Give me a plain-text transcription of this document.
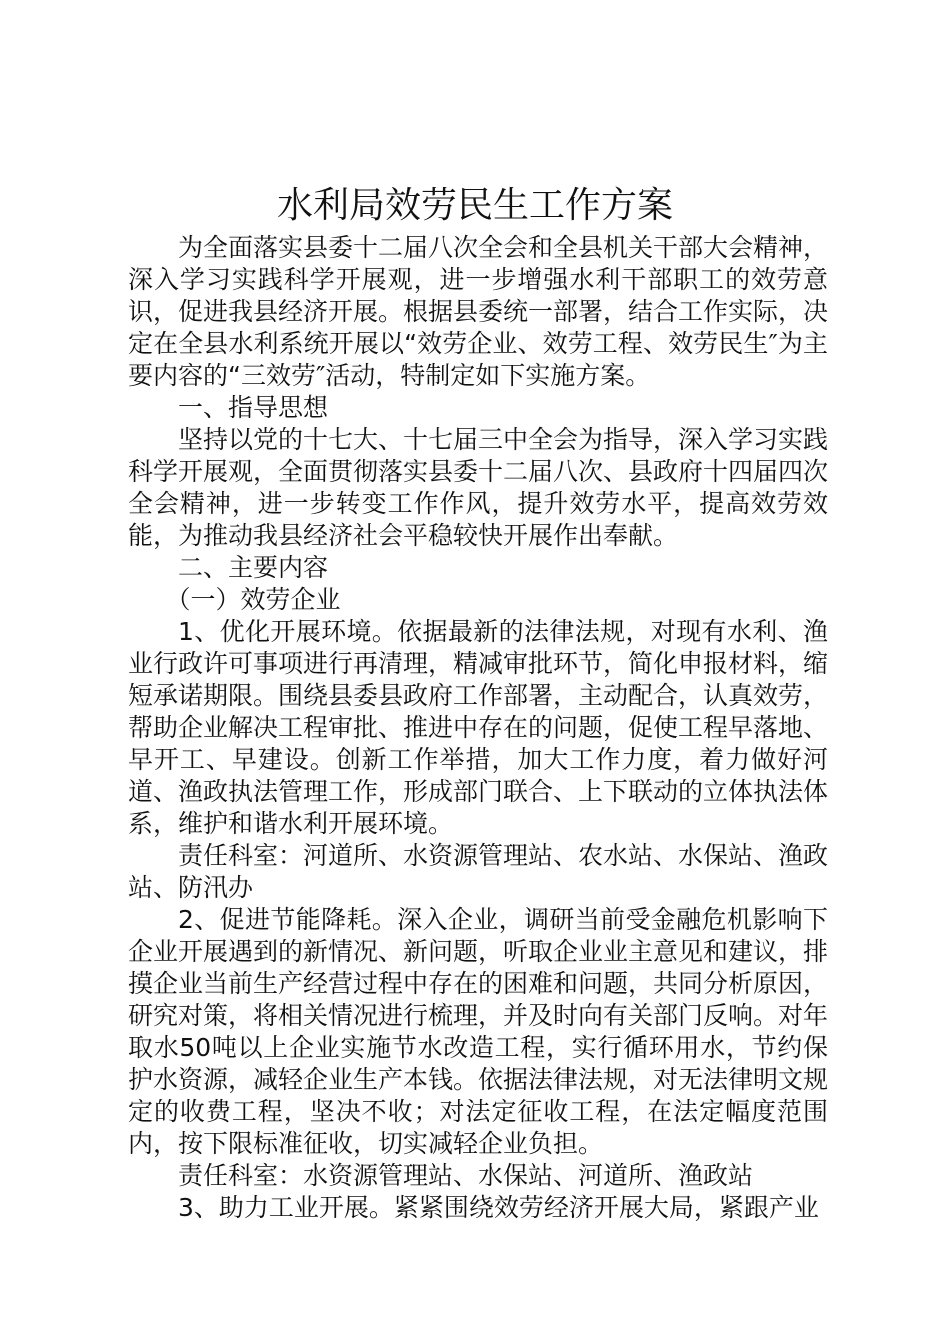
水利局效劳民生工作方案

为全面落实县委十二届八次全会和全县机关干部大会精神，深入学习实践科学开展观，进一步增强水利干部职工的效劳意识，促进我县经济开展。根据县委统一部署，结合工作实际，决定在全县水利系统开展以“效劳企业、效劳工程、效劳民生″为主要内容的“三效劳″活动，特制定如下实施方案。

一、指导思想

坚持以党的十七大、十七届三中全会为指导，深入学习实践科学开展观，全面贯彻落实县委十二届八次、县政府十四届四次全会精神，进一步转变工作作风，提升效劳水平，提高效劳效能，为推动我县经济社会平稳较快开展作出奉献。

二、主要内容

（一）效劳企业

1、优化开展环境。依据最新的法律法规，对现有水利、渔业行政许可事项进行再清理，精减审批环节，简化申报材料，缩短承诺期限。围绕县委县政府工作部署，主动配合，认真效劳，帮助企业解决工程审批、推进中存在的问题，促使工程早落地、早开工、早建设。创新工作举措，加大工作力度，着力做好河道、渔政执法管理工作，形成部门联合、上下联动的立体执法体系，维护和谐水利开展环境。

责任科室：河道所、水资源管理站、农水站、水保站、渔政站、防汛办

2、促进节能降耗。深入企业，调研当前受金融危机影响下企业开展遇到的新情况、新问题，听取企业业主意见和建议，排摸企业当前生产经营过程中存在的困难和问题，共同分析原因，研究对策，将相关情况进行梳理，并及时向有关部门反响。对年取水50吨以上企业实施节水改造工程，实行循环用水，节约保护水资源，减轻企业生产本钱。依据法律法规，对无法律明文规定的收费工程，坚决不收；对法定征收工程，在法定幅度范围内，按下限标准征收，切实减轻企业负担。

责任科室：水资源管理站、水保站、河道所、渔政站

3、助力工业开展。紧紧围绕效劳经济开展大局，紧跟产业
